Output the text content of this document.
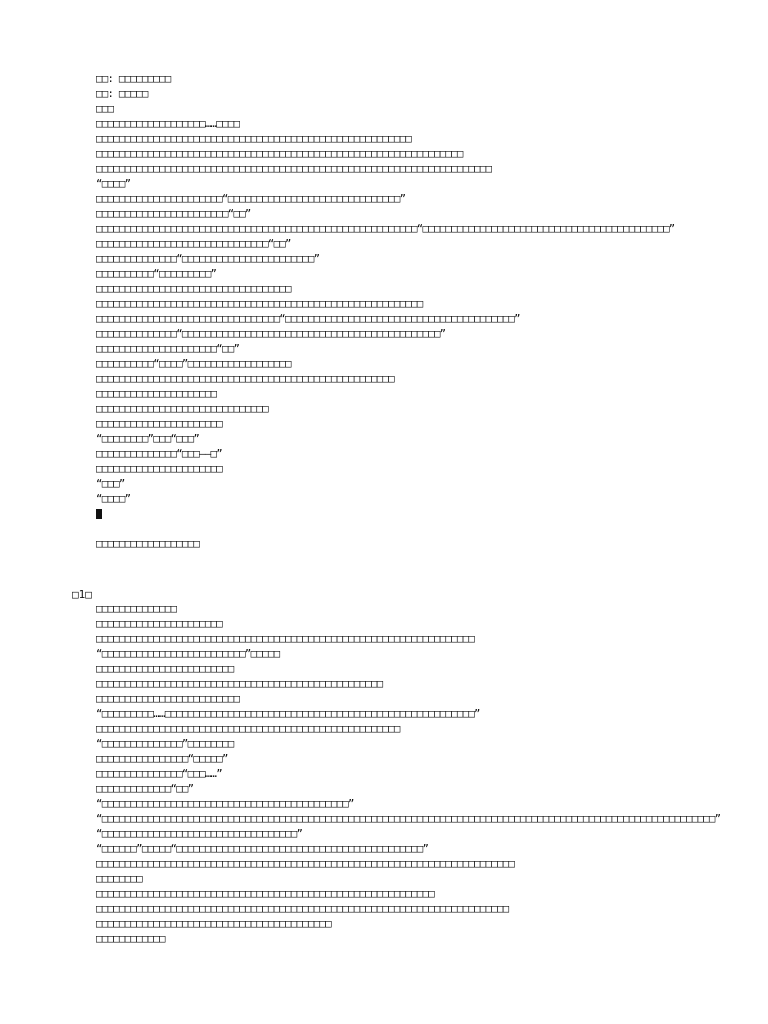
□□: □□□□□□□□□
□□: □□□□□
□□□
□□□□□□□□□□□□□□□□□□□……□□□□
□□□□□□□□□□□□□□□□□□□□□□□□□□□□□□□□□□□□□□□□□□□□□□□□□□□□□□□
□□□□□□□□□□□□□□□□□□□□□□□□□□□□□□□□□□□□□□□□□□□□□□□□□□□□□□□□□□□□□□□□
□□□□□□□□□□□□□□□□□□□□□□□□□□□□□□□□□□□□□□□□□□□□□□□□□□□□□□□□□□□□□□□□□□□□□
“□□□□”
□□□□□□□□□□□□□□□□□□□□□□“□□□□□□□□□□□□□□□□□□□□□□□□□□□□□□”
□□□□□□□□□□□□□□□□□□□□□□□“□□”
□□□□□□□□□□□□□□□□□□□□□□□□□□□□□□□□□□□□□□□□□□□□□□□□□□□□□□□□“□□□□□□□□□□□□□□□□□□□□□□□□□□□□□□□□□□□□□□□□□□□”
□□□□□□□□□□□□□□□□□□□□□□□□□□□□□□“□□”
□□□□□□□□□□□□□□“□□□□□□□□□□□□□□□□□□□□□□□”
□□□□□□□□□□“□□□□□□□□□”
□□□□□□□□□□□□□□□□□□□□□□□□□□□□□□□□□□
□□□□□□□□□□□□□□□□□□□□□□□□□□□□□□□□□□□□□□□□□□□□□□□□□□□□□□□□□
□□□□□□□□□□□□□□□□□□□□□□□□□□□□□□□□“□□□□□□□□□□□□□□□□□□□□□□□□□□□□□□□□□□□□□□□□”
□□□□□□□□□□□□□□“□□□□□□□□□□□□□□□□□□□□□□□□□□□□□□□□□□□□□□□□□□□□□”
□□□□□□□□□□□□□□□□□□□□□“□□”
□□□□□□□□□□“□□□□”□□□□□□□□□□□□□□□□□□
□□□□□□□□□□□□□□□□□□□□□□□□□□□□□□□□□□□□□□□□□□□□□□□□□□□□
□□□□□□□□□□□□□□□□□□□□□
□□□□□□□□□□□□□□□□□□□□□□□□□□□□□□
□□□□□□□□□□□□□□□□□□□□□□
“□□□□□□□□”□□□“□□□”
□□□□□□□□□□□□□□“□□□——□”
□□□□□□□□□□□□□□□□□□□□□□
“□□□”
“□□□□”
□□□□□□□□□□□□□□□□□□
□1□
□□□□□□□□□□□□□□
□□□□□□□□□□□□□□□□□□□□□□
□□□□□□□□□□□□□□□□□□□□□□□□□□□□□□□□□□□□□□□□□□□□□□□□□□□□□□□□□□□□□□□□□□
“□□□□□□□□□□□□□□□□□□□□□□□□□”□□□□□
□□□□□□□□□□□□□□□□□□□□□□□□
□□□□□□□□□□□□□□□□□□□□□□□□□□□□□□□□□□□□□□□□□□□□□□□□□□
□□□□□□□□□□□□□□□□□□□□□□□□□
“□□□□□□□□□……□□□□□□□□□□□□□□□□□□□□□□□□□□□□□□□□□□□□□□□□□□□□□□□□□□□□□□”
□□□□□□□□□□□□□□□□□□□□□□□□□□□□□□□□□□□□□□□□□□□□□□□□□□□□□
“□□□□□□□□□□□□□□”□□□□□□□□
□□□□□□□□□□□□□□□□“□□□□□”
□□□□□□□□□□□□□□□“□□□……”
□□□□□□□□□□□□□“□□”
“□□□□□□□□□□□□□□□□□□□□□□□□□□□□□□□□□□□□□□□□□□□”
“□□□□□□□□□□□□□□□□□□□□□□□□□□□□□□□□□□□□□□□□□□□□□□□□□□□□□□□□□□□□□□□□□□□□□□□□□□□□□□□□□□□□□□□□□□□□□□□□□□□□□□□□□□□”
“□□□□□□□□□□□□□□□□□□□□□□□□□□□□□□□□□□”
“□□□□□□”□□□□□“□□□□□□□□□□□□□□□□□□□□□□□□□□□□□□□□□□□□□□□□□□□”
□□□□□□□□□□□□□□□□□□□□□□□□□□□□□□□□□□□□□□□□□□□□□□□□□□□□□□□□□□□□□□□□□□□□□□□□□
□□□□□□□□
□□□□□□□□□□□□□□□□□□□□□□□□□□□□□□□□□□□□□□□□□□□□□□□□□□□□□□□□□□□
□□□□□□□□□□□□□□□□□□□□□□□□□□□□□□□□□□□□□□□□□□□□□□□□□□□□□□□□□□□□□□□□□□□□□□□□
□□□□□□□□□□□□□□□□□□□□□□□□□□□□□□□□□□□□□□□□□
□□□□□□□□□□□□
